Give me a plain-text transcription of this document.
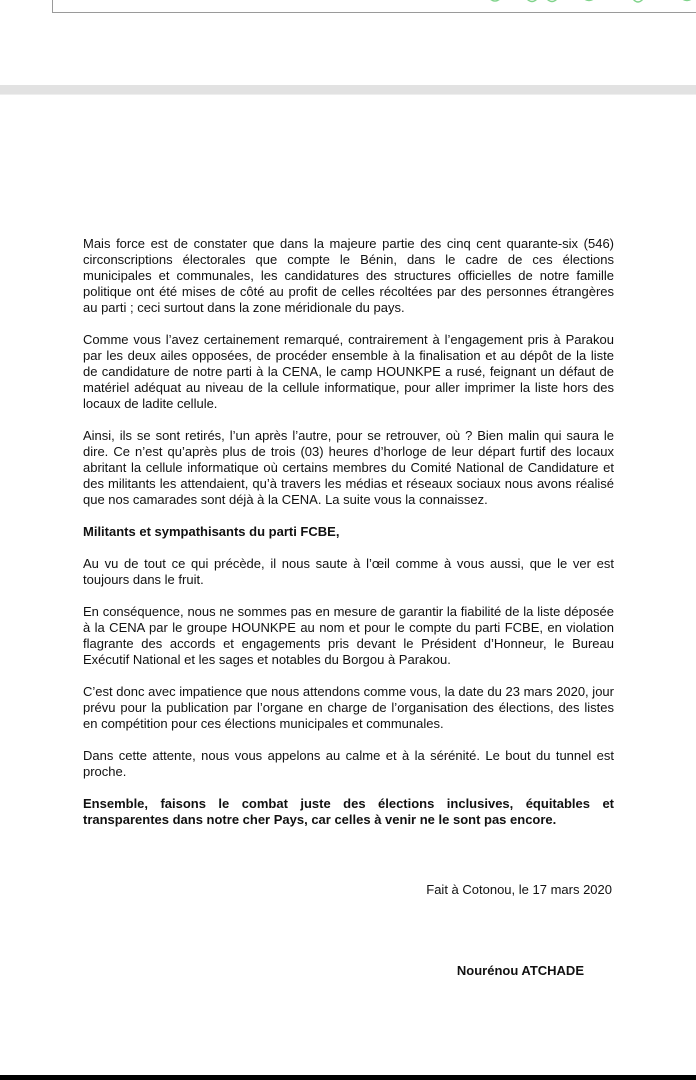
Mais force est de constater que dans la majeure partie des cinq cent quarante-six (546) circonscriptions électorales que compte le Bénin, dans le cadre de ces élections municipales et communales, les candidatures des structures officielles de notre famille politique ont été mises de côté au profit de celles récoltées par des personnes étrangères au parti ; ceci surtout dans la zone méridionale du pays.

Comme vous l’avez certainement remarqué, contrairement à l’engagement pris à Parakou par les deux ailes opposées, de procéder ensemble à la finalisation et au dépôt de la liste de candidature de notre parti à la CENA, le camp HOUNKPE a rusé, feignant un défaut de matériel adéquat au niveau de la cellule informatique, pour aller imprimer la liste hors des locaux de ladite cellule.

Ainsi, ils se sont retirés, l’un après l’autre, pour se retrouver, où ? Bien malin qui saura le dire. Ce n’est qu’après plus de trois (03) heures d’horloge de leur départ furtif des locaux abritant la cellule informatique où certains membres du Comité National de Candidature et des militants les attendaient, qu’à travers les médias et réseaux sociaux nous avons réalisé que nos camarades sont déjà à la CENA. La suite vous la connaissez.

Militants et sympathisants du parti FCBE,

Au vu de tout ce qui précède, il nous saute à l’œil comme à vous aussi, que le ver est toujours dans le fruit.

En conséquence, nous ne sommes pas en mesure de garantir la fiabilité de la liste déposée à la CENA par le groupe HOUNKPE au nom et pour le compte du parti FCBE, en violation flagrante des accords et engagements pris devant le Président d’Honneur, le Bureau Exécutif National et les sages et notables du Borgou à Parakou.

C’est donc avec impatience que nous attendons comme vous, la date du 23 mars 2020, jour prévu pour la publication par l’organe en charge de l’organisation des élections, des listes en compétition pour ces élections municipales et communales.

Dans cette attente, nous vous appelons au calme et à la sérénité. Le bout du tunnel est proche.

Ensemble, faisons le combat juste des élections inclusives, équitables et transparentes dans notre cher Pays, car celles à venir ne le sont pas encore.

Fait à Cotonou, le 17 mars 2020
Nourénou ATCHADE
